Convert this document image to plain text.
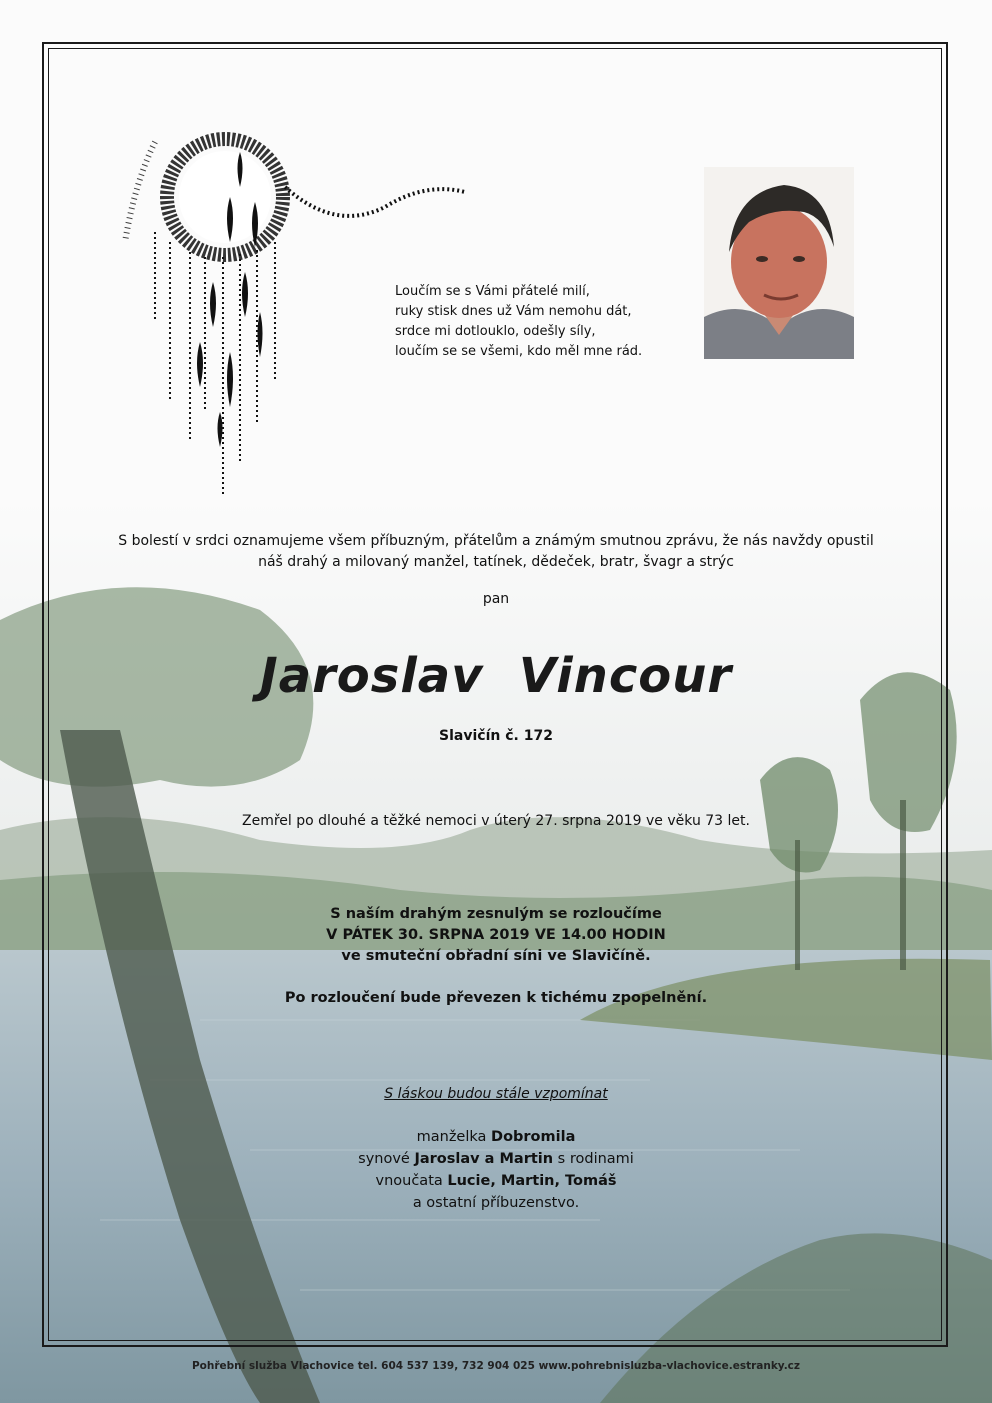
Loučím se s Vámi přátelé milí,
ruky stisk dnes už Vám nemohu dát,
srdce mi dotlouklo, odešly síly,
loučím se se všemi, kdo měl mne rád.
S bolestí v srdci oznamujeme všem příbuzným, přátelům a známým smutnou zprávu, že nás navždy opustil
náš drahý a milovaný manžel, tatínek, dědeček, bratr, švagr a strýc
pan
Jaroslav  Vincour
Slavičín č. 172
Zemřel po dlouhé a těžké nemoci v úterý 27. srpna 2019 ve věku 73 let.
S naším drahým zesnulým se rozloučíme
V PÁTEK 30. SRPNA 2019 VE 14.00 HODIN
ve smuteční obřadní síni ve Slavičíně.
Po rozloučení bude převezen k tichému zpopelnění.
S láskou budou stále vzpomínat
manželka Dobromila
synové Jaroslav a Martin s rodinami
vnoučata Lucie, Martin, Tomáš
a ostatní příbuzenstvo.
Pohřební služba Vlachovice tel. 604 537 139, 732 904 025 www.pohrebnisluzba-vlachovice.estranky.cz
